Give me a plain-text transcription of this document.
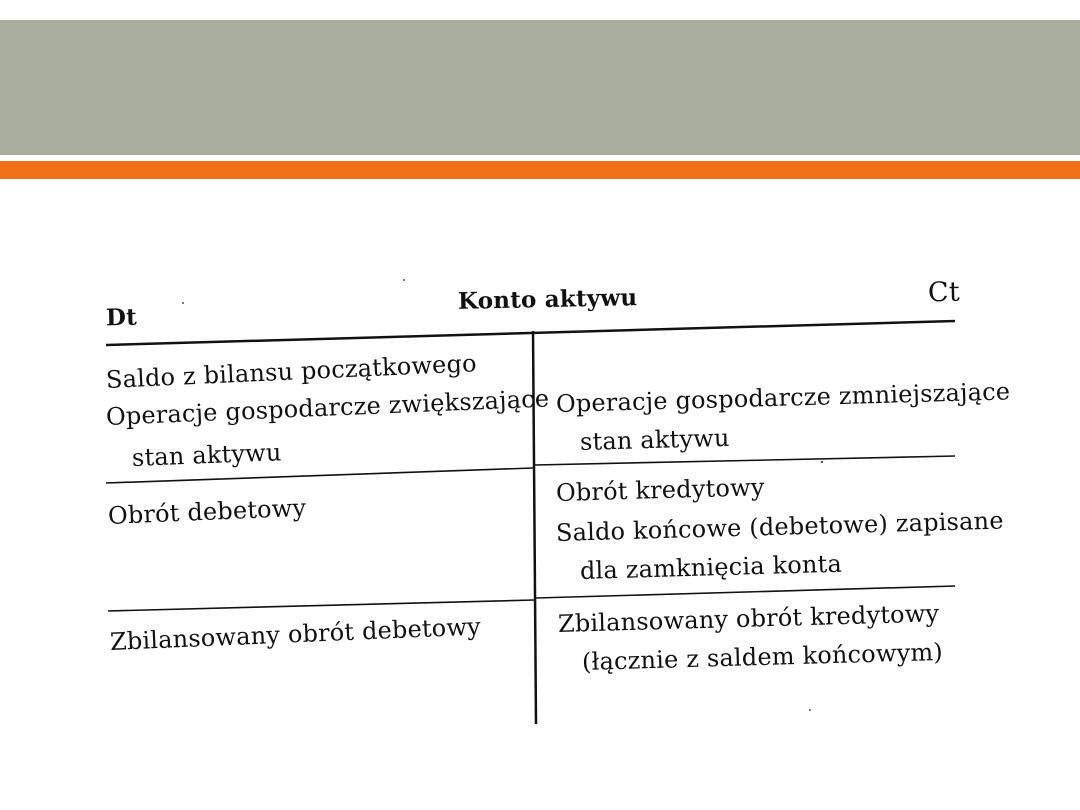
Dt
Konto aktywu	Ct
Saldo z bilansu początkowego
Operacje gospodarcze zwiększające
stan aktywu
Operacje gospodarcze zmniejszające
stan aktywu
Obrót debetowy
Obrót kredytowy
Saldo końcowe (debetowe) zapisane
dla zamknięcia konta
Zbilansowany obrót debetowy	Zbilansowany obrót kredytowy
(łącznie z saldem końcowym)
